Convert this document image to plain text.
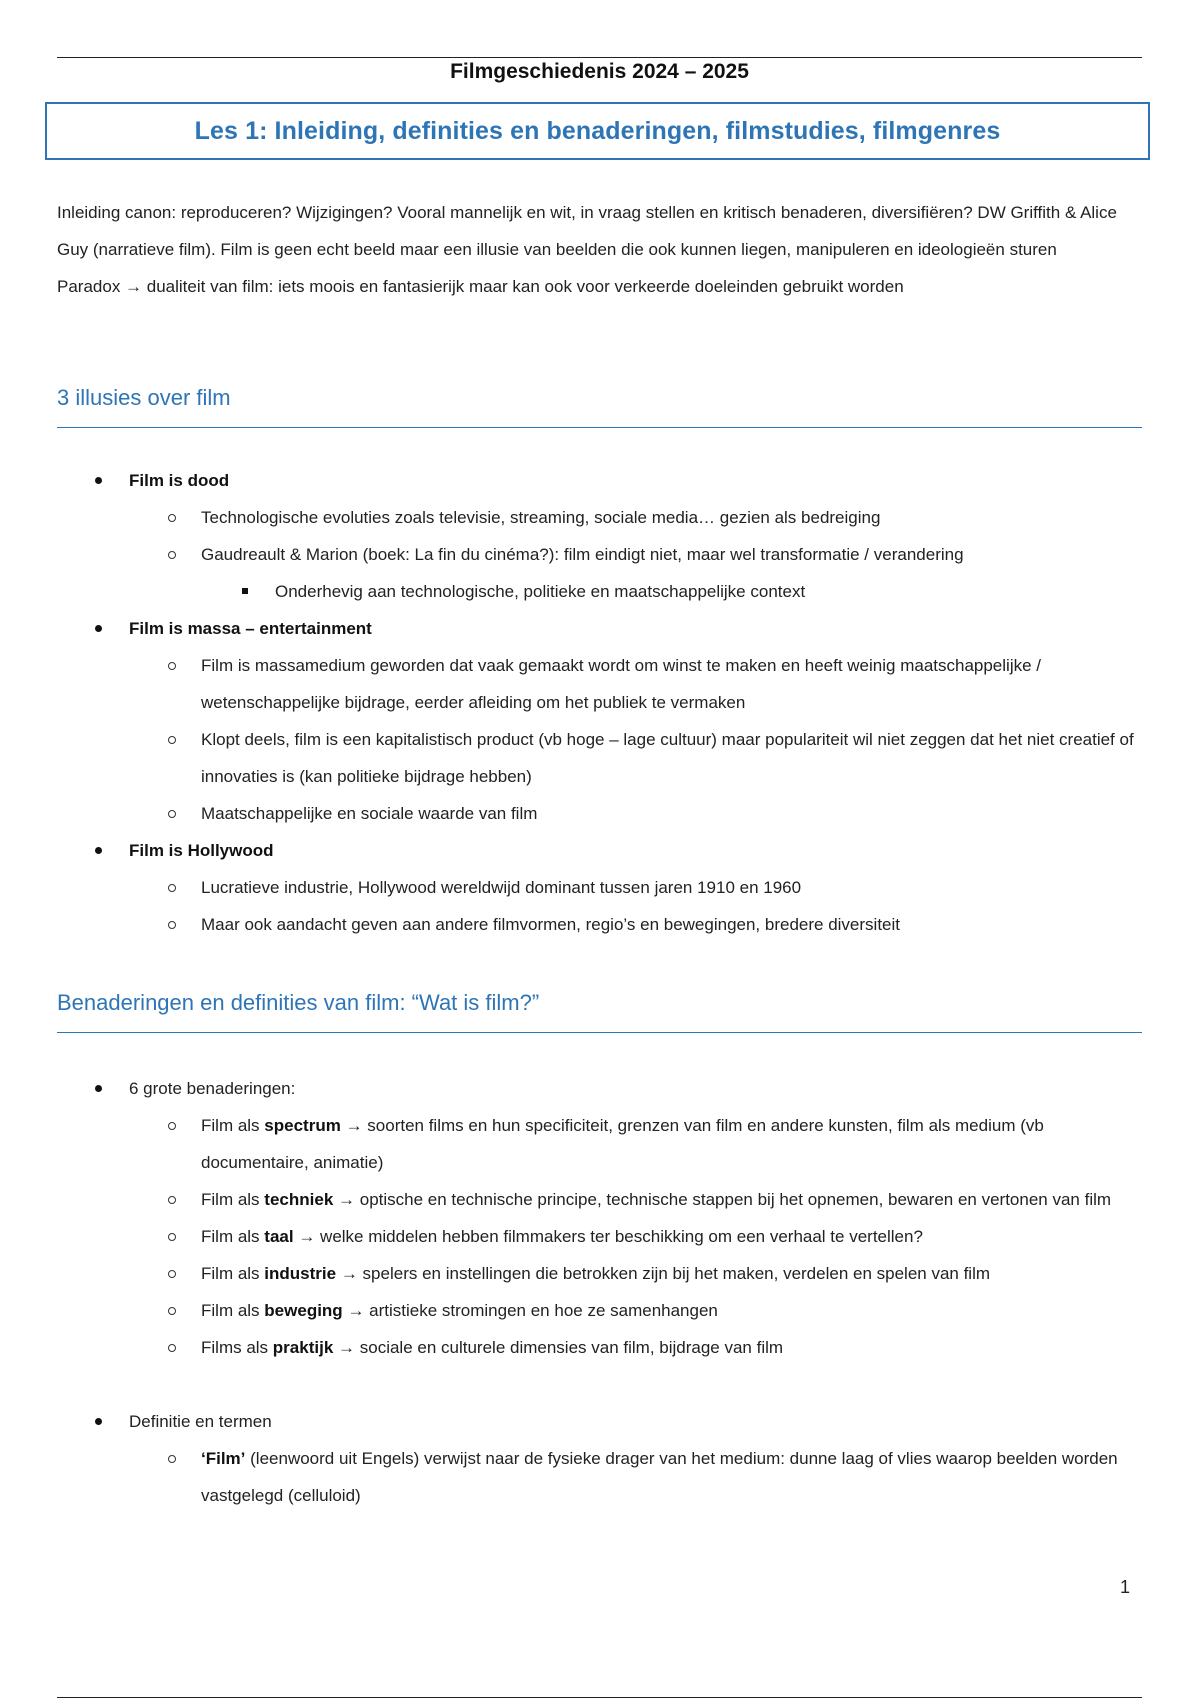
Filmgeschiedenis 2024 – 2025
Les 1: Inleiding, definities en benaderingen, filmstudies, filmgenres

Inleiding canon: reproduceren? Wijzigingen? Vooral mannelijk en wit, in vraag stellen en kritisch benaderen, diversifiëren? DW Griffith & Alice Guy (narratieve film). Film is geen echt beeld maar een illusie van beelden die ook kunnen liegen, manipuleren en ideologieën sturen

Paradox → dualiteit van film: iets moois en fantasierijk maar kan ook voor verkeerde doeleinden gebruikt worden

3 illusies over film
Film is dood
Technologische evoluties zoals televisie, streaming, sociale media… gezien als bedreiging
Gaudreault & Marion (boek: La fin du cinéma?): film eindigt niet, maar wel transformatie / verandering
Onderhevig aan technologische, politieke en maatschappelijke context
Film is massa – entertainment
Film is massamedium geworden dat vaak gemaakt wordt om winst te maken en heeft weinig maatschappelijke / wetenschappelijke bijdrage, eerder afleiding om het publiek te vermaken
Klopt deels, film is een kapitalistisch product (vb hoge – lage cultuur) maar populariteit wil niet zeggen dat het niet creatief of innovaties is (kan politieke bijdrage hebben)
Maatschappelijke en sociale waarde van film
Film is Hollywood
Lucratieve industrie, Hollywood wereldwijd dominant tussen jaren 1910 en 1960
Maar ook aandacht geven aan andere filmvormen, regio’s en bewegingen, bredere diversiteit
Benaderingen en definities van film: “Wat is film?”
6 grote benaderingen:
Film als spectrum → soorten films en hun specificiteit, grenzen van film en andere kunsten, film als medium (vb documentaire, animatie)
Film als techniek → optische en technische principe, technische stappen bij het opnemen, bewaren en vertonen van film
Film als taal → welke middelen hebben filmmakers ter beschikking om een verhaal te vertellen?
Film als industrie → spelers en instellingen die betrokken zijn bij het maken, verdelen en spelen van film
Film als beweging → artistieke stromingen en hoe ze samenhangen
Films als praktijk → sociale en culturele dimensies van film, bijdrage van film
Definitie en termen
‘Film’ (leenwoord uit Engels) verwijst naar de fysieke drager van het medium: dunne laag of vlies waarop beelden worden vastgelegd (celluloid)
1
